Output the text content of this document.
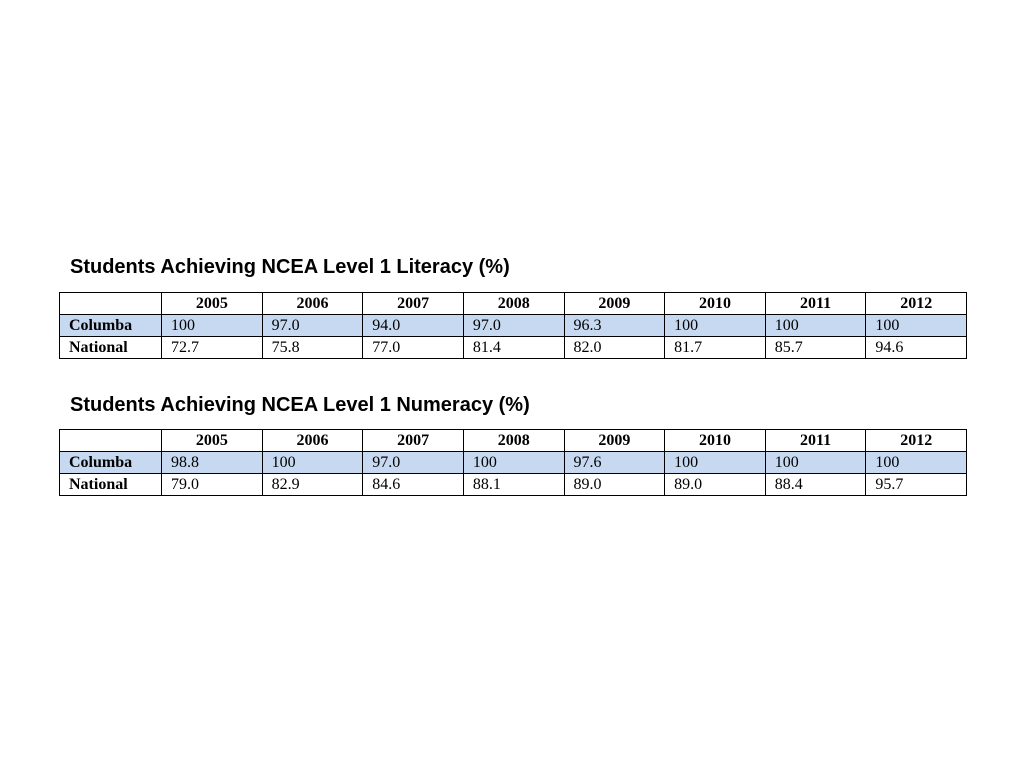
Students Achieving NCEA Level 1 Literacy (%)
	2005	2006	2007	2008	2009	2010	2011	2012
Columba	100	97.0	94.0	97.0	96.3	100	100	100
National	72.7	75.8	77.0	81.4	82.0	81.7	85.7	94.6
Students Achieving NCEA Level 1 Numeracy (%)
	2005	2006	2007	2008	2009	2010	2011	2012
Columba	98.8	100	97.0	100	97.6	100	100	100
National	79.0	82.9	84.6	88.1	89.0	89.0	88.4	95.7
